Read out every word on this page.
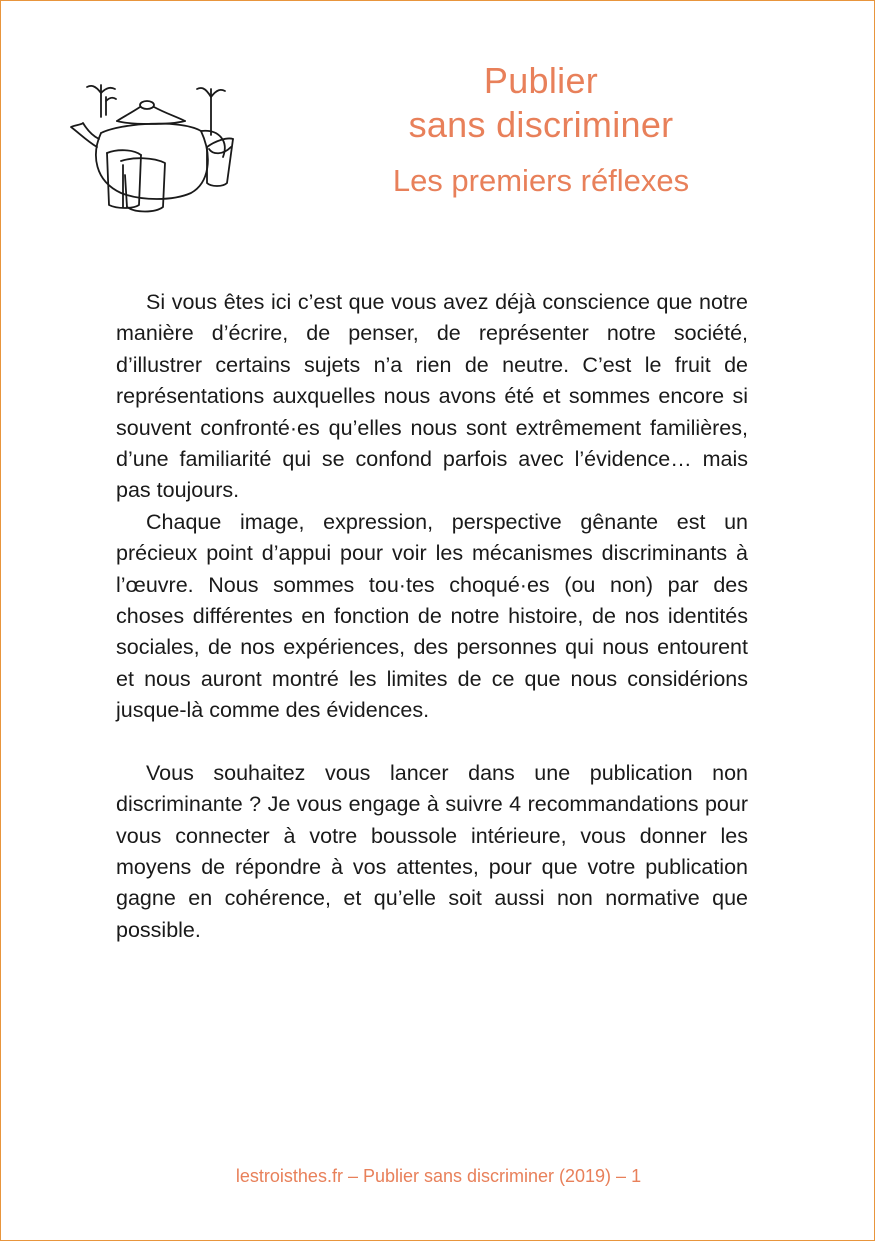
Publier
sans discriminer
Les premiers réflexes

Si vous êtes ici c’est que vous avez déjà conscience que notre manière d’écrire, de penser, de représenter notre société, d’illustrer certains sujets n’a rien de neutre. C’est le fruit de représentations auxquelles nous avons été et sommes encore si souvent confronté·es qu’elles nous sont extrêmement familières, d’une familiarité qui se confond parfois avec l’évidence… mais pas toujours.

Chaque image, expression, perspective gênante est un précieux point d’appui pour voir les mécanismes discriminants à l’œuvre. Nous sommes tou·tes choqué·es (ou non) par des choses différentes en fonction de notre histoire, de nos identités sociales, de nos expériences, des personnes qui nous entourent et nous auront montré les limites de ce que nous considérions jusque-là comme des évidences.

Vous souhaitez vous lancer dans une publication non discriminante ? Je vous engage à suivre 4 recommandations pour vous connecter à votre boussole intérieure, vous donner les moyens de répondre à vos attentes, pour que votre publication gagne en cohérence, et qu’elle soit aussi non normative que possible.

lestroisthes.fr – Publier sans discriminer (2019) – 1
